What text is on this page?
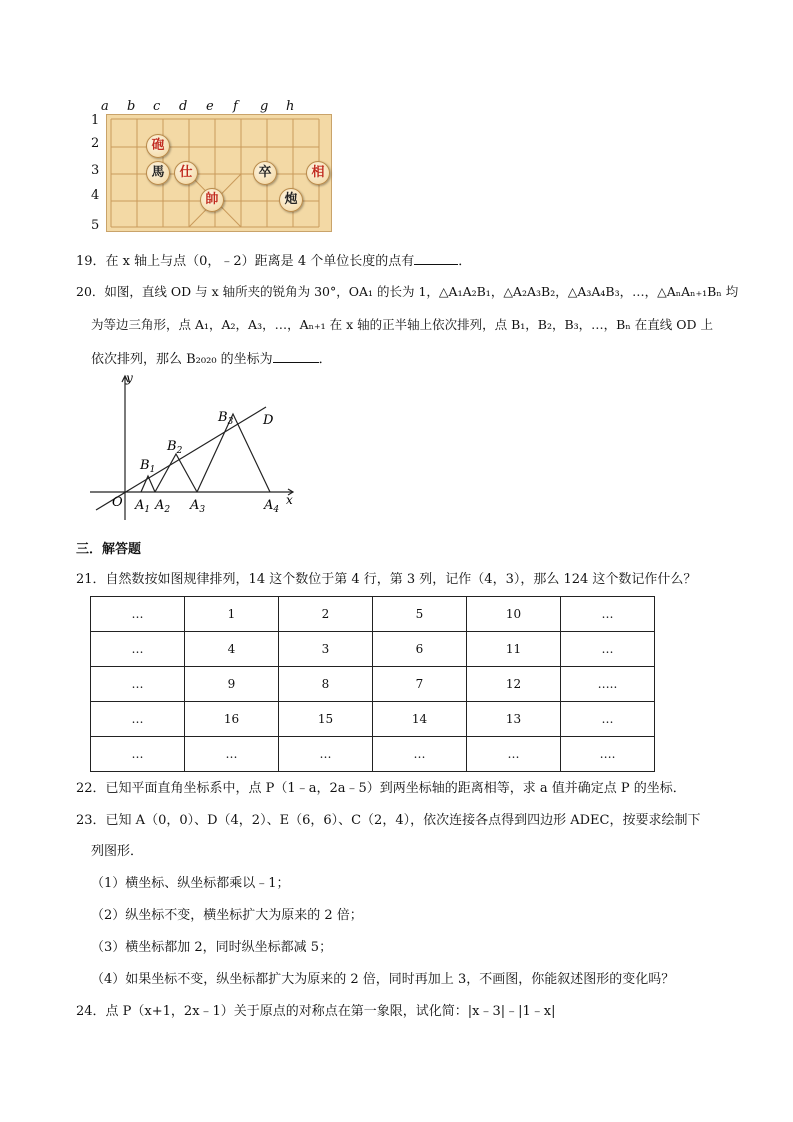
a b c d e f g h
1
2
3
4
5
砲
馬	仕
帥
卒	相
炮
19．在 x 轴上与点（0，﹣2）距离是 4 个单位长度的点有	．
20．如图，直线 OD 与 x 轴所夹的锐角为 30°，OA₁ 的长为 1，△A₁A₂B₁，△A₂A₃B₂，△A₃A₄B₃，…，△AₙAₙ₊₁Bₙ 均
为等边三角形，点 A₁，A₂，A₃，…，Aₙ₊₁ 在 x 轴的正半轴上依次排列，点 B₁，B₂，B₃，…，Bₙ 在直线 OD 上
依次排列，那么 B₂₀₂₀ 的坐标为	．
y
x
O
D
$A_1$ $A_2$ $A_3$	$A_4$
$B_1$
$B_2$
$B_3$
三．解答题
21．自然数按如图规律排列，14 这个数位于第 4 行，第 3 列，记作（4，3），那么 124 这个数记作什么？
…	1	2	5	10	…
…	4	3	6	11	…
…	9	8	7	12	…..
…	16	15	14	13	…
…	…	…	…	…	….
22．已知平面直角坐标系中，点 P（1﹣a，2a﹣5）到两坐标轴的距离相等，求 a 值并确定点 P 的坐标．
23．已知 A（0，0）、D（4，2）、E（6，6）、C（2，4），依次连接各点得到四边形 ADEC，按要求绘制下
列图形．
（1）横坐标、纵坐标都乘以﹣1；
（2）纵坐标不变，横坐标扩大为原来的 2 倍；
（3）横坐标都加 2，同时纵坐标都减 5；
（4）如果坐标不变，纵坐标都扩大为原来的 2 倍，同时再加上 3，不画图，你能叙述图形的变化吗？
24．点 P（x+1，2x﹣1）关于原点的对称点在第一象限，试化简：|x﹣3|﹣|1﹣x|
